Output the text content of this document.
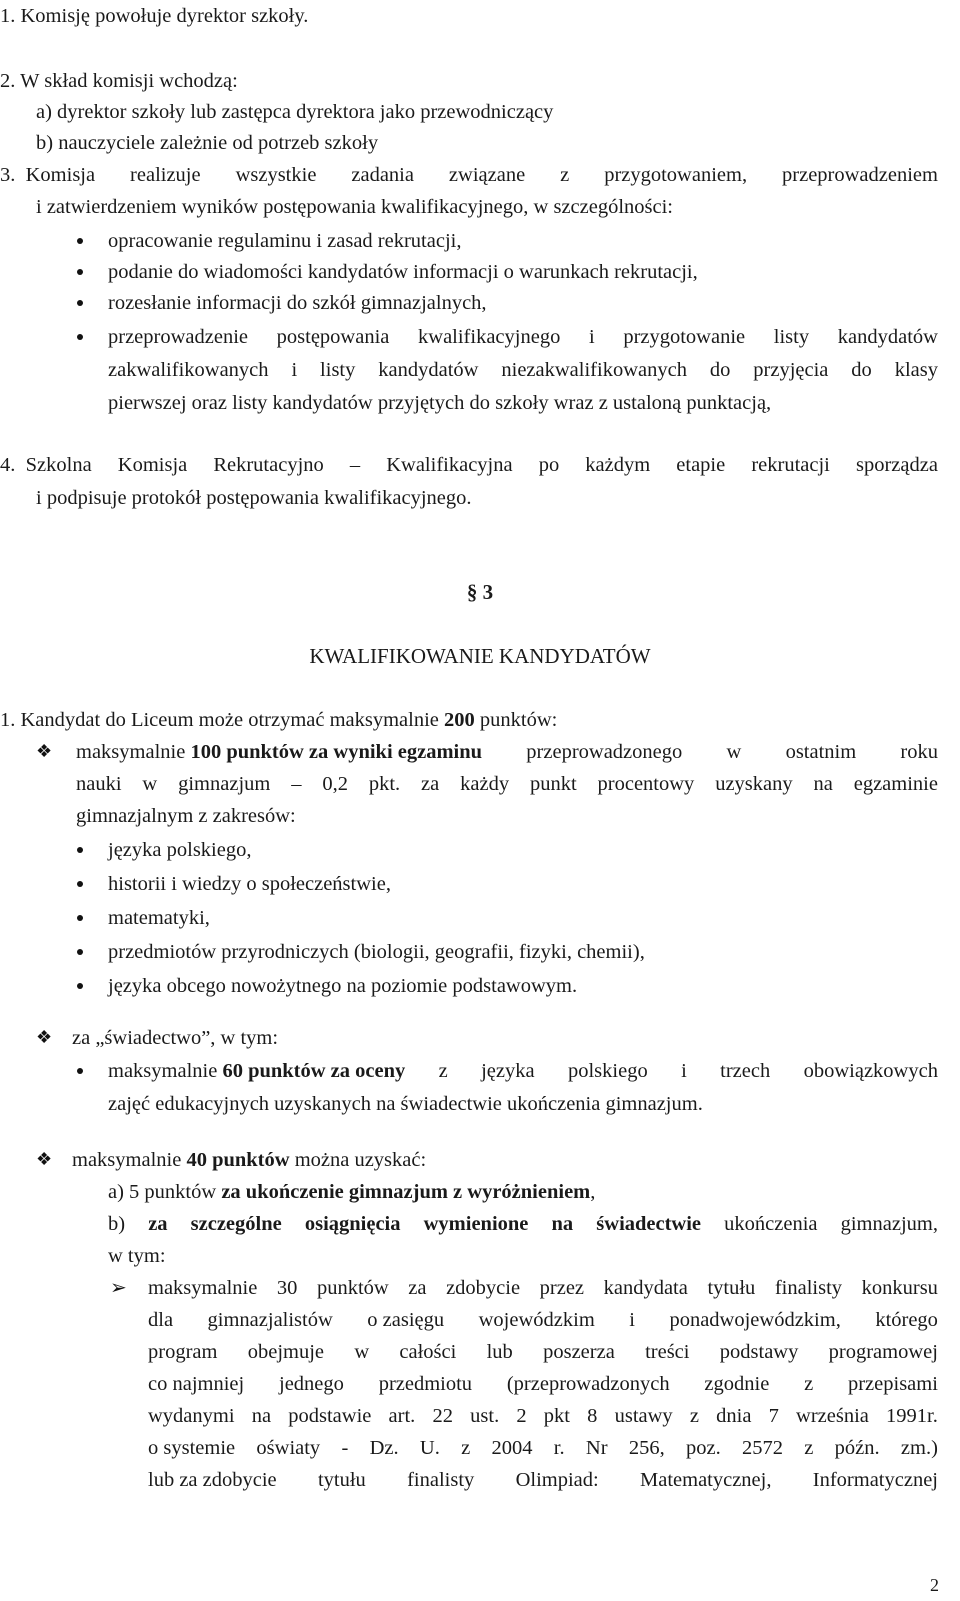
1. Komisję powołuje dyrektor szkoły.
2. W skład komisji wchodzą:
a) dyrektor szkoły lub zastępca dyrektora jako przewodniczący
b) nauczyciele zależnie od potrzeb szkoły
3.  Komisja realizuje wszystkie zadania związane z przygotowaniem, przeprowadzeniem
i zatwierdzeniem wyników postępowania kwalifikacyjnego, w szczególności:
opracowanie regulaminu i zasad rekrutacji,
podanie do wiadomości kandydatów informacji o warunkach rekrutacji,
rozesłanie informacji do szkół gimnazjalnych,
przeprowadzenie postępowania kwalifikacyjnego i przygotowanie listy kandydatów
zakwalifikowanych i listy kandydatów niezakwalifikowanych do przyjęcia do klasy
pierwszej oraz listy kandydatów przyjętych do szkoły wraz z ustaloną punktacją,
4.  Szkolna Komisja Rekrutacyjno – Kwalifikacyjna po każdym etapie rekrutacji sporządza
i podpisuje protokół postępowania kwalifikacyjnego.
§ 3
KWALIFIKOWANIE KANDYDATÓW
1. Kandydat do Liceum może otrzymać maksymalnie 200 punktów:
❖ maksymalnie 100 punktów za wyniki egzaminu przeprowadzonego w ostatnim roku
nauki w gimnazjum – 0,2 pkt. za każdy punkt procentowy uzyskany na egzaminie
gimnazjalnym z zakresów:
języka polskiego,
historii i wiedzy o społeczeństwie,
matematyki,
przedmiotów przyrodniczych (biologii, geografii, fizyki, chemii),
języka obcego nowożytnego na poziomie podstawowym.
❖ za „świadectwo”, w tym:
maksymalnie 60 punktów za oceny z języka polskiego i trzech obowiązkowych
zajęć edukacyjnych uzyskanych na świadectwie ukończenia gimnazjum.
❖ maksymalnie 40 punktów można uzyskać:
a) 5 punktów za ukończenie gimnazjum z wyróżnieniem,
b) za szczególne osiągnięcia wymienione na świadectwie ukończenia gimnazjum,
w tym:
➢ maksymalnie 30 punktów za zdobycie przez kandydata tytułu finalisty konkursu
dla gimnazjalistów o zasięgu wojewódzkim i ponadwojewódzkim, którego
program obejmuje w całości lub poszerza treści podstawy programowej
co najmniej jednego przedmiotu (przeprowadzonych zgodnie z przepisami
wydanymi na podstawie art. 22 ust. 2 pkt 8 ustawy z dnia 7 września 1991r.
o systemie oświaty - Dz. U. z 2004 r. Nr 256, poz. 2572 z późn. zm.)
lub za zdobycie tytułu finalisty Olimpiad: Matematycznej, Informatycznej
2
